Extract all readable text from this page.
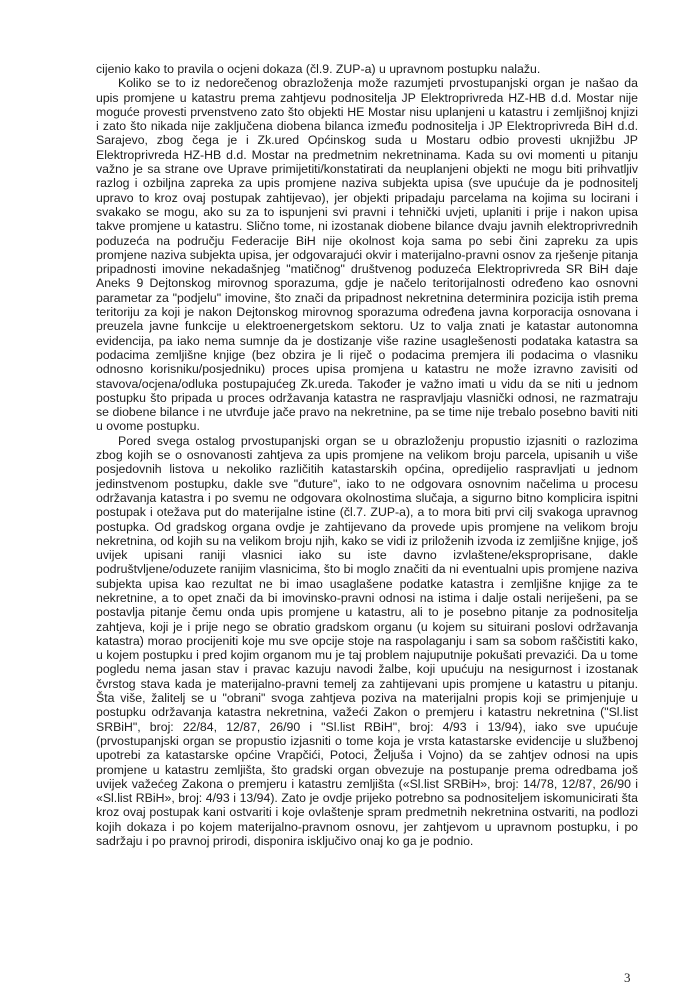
cijenio kako to pravila o ocjeni dokaza (čl.9. ZUP-a) u upravnom postupku nalažu.

Koliko se to iz nedorečenog obrazloženja može razumjeti prvostupanjski organ je našao da upis promjene u katastru prema zahtjevu podnositelja JP Elektroprivreda HZ-HB d.d. Mostar nije moguće provesti prvenstveno zato što objekti HE Mostar nisu uplanjeni u katastru i zemljišnoj knjizi i zato što nikada nije zaključena diobena bilanca između podnositelja i JP Elektroprivreda BiH d.d. Sarajevo, zbog čega je i Zk.ured Općinskog suda u Mostaru odbio provesti uknjižbu JP Elektroprivreda HZ-HB d.d. Mostar na predmetnim nekretninama. Kada su ovi momenti u pitanju važno je sa strane ove Uprave primijetiti/konstatirati da neuplanjeni objekti ne mogu biti prihvatljiv razlog i ozbiljna zapreka za upis promjene naziva subjekta upisa (sve upućuje da je podnositelj upravo to kroz ovaj postupak zahtijevao), jer objekti pripadaju parcelama na kojima su locirani i svakako se mogu, ako su za to ispunjeni svi pravni i tehnički uvjeti, uplaniti i prije i nakon upisa takve promjene u katastru. Slično tome, ni izostanak diobene bilance dvaju javnih elektroprivrednih poduzeća na području Federacije BiH nije okolnost koja sama po sebi čini zapreku za upis promjene naziva subjekta upisa, jer odgovarajući okvir i materijalno-pravni osnov za rješenje pitanja pripadnosti imovine nekadašnjeg "matičnog" društvenog poduzeća Elektroprivreda SR BiH daje Aneks 9 Dejtonskog mirovnog sporazuma, gdje je načelo teritorijalnosti određeno kao osnovni parametar za "podjelu" imovine, što znači da pripadnost nekretnina determinira pozicija istih prema teritoriju za koji je nakon Dejtonskog mirovnog sporazuma određena javna korporacija osnovana i preuzela javne funkcije u elektroenergetskom sektoru. Uz to valja znati je katastar autonomna evidencija, pa iako nema sumnje da je dostizanje više razine usaglešenosti podataka katastra sa podacima zemljišne knjige (bez obzira je li riječ o podacima premjera ili podacima o vlasniku odnosno korisniku/posjedniku) proces upisa promjena u katastru ne može izravno zavisiti od stavova/ocjena/odluka postupajućeg Zk.ureda. Također je važno imati u vidu da se niti u jednom postupku što pripada u proces održavanja katastra ne raspravljaju vlasnički odnosi, ne razmatraju se diobene bilance i ne utvrđuje jače pravo na nekretnine, pa se time nije trebalo posebno baviti niti u ovome postupku.

Pored svega ostalog prvostupanjski organ se u obrazloženju propustio izjasniti o razlozima zbog kojih se o osnovanosti zahtjeva za upis promjene na velikom broju parcela, upisanih u više posjedovnih listova u nekoliko različitih katastarskih općina, opredijelio raspravljati u jednom jedinstvenom postupku, dakle sve "đuture", iako to ne odgovara osnovnim načelima u procesu održavanja katastra i po svemu ne odgovara okolnostima slučaja, a sigurno bitno komplicira ispitni postupak i otežava put do materijalne istine (čl.7. ZUP-a), a to mora biti prvi cilj svakoga upravnog postupka. Od gradskog organa ovdje je zahtijevano da provede upis promjene na velikom broju nekretnina, od kojih su na velikom broju njih, kako se vidi iz priloženih izvoda iz zemljišne knjige, još uvijek upisani raniji vlasnici iako su iste davno izvlaštene/eksproprisane, dakle podruštvljene/oduzete ranijim vlasnicima, što bi moglo značiti da ni eventualni upis promjene naziva subjekta upisa kao rezultat ne bi imao usaglašene podatke katastra i zemljišne knjige za te nekretnine, a to opet znači da bi imovinsko-pravni odnosi na istima i dalje ostali neriješeni, pa se postavlja pitanje čemu onda upis promjene u katastru, ali to je posebno pitanje za podnositelja zahtjeva, koji je i prije nego se obratio gradskom organu (u kojem su situirani poslovi održavanja katastra) morao procijeniti koje mu sve opcije stoje na raspolaganju i sam sa sobom raščistiti kako, u kojem postupku i pred kojim organom mu je taj problem najuputnije pokušati prevazići. Da u tome pogledu nema jasan stav i pravac kazuju navodi žalbe, koji upućuju na nesigurnost i izostanak čvrstog stava kada je materijalno-pravni temelj za zahtijevani upis promjene u katastru u pitanju. Šta više, žalitelj se u "obrani" svoga zahtjeva poziva na materijalni propis koji se primjenjuje u postupku održavanja katastra nekretnina, važeći Zakon o premjeru i katastru nekretnina ("Sl.list SRBiH", broj: 22/84, 12/87, 26/90 i "Sl.list RBiH", broj: 4/93 i 13/94), iako sve upućuje (prvostupanjski organ se propustio izjasniti o tome koja je vrsta katastarske evidencije u službenoj upotrebi za katastarske općine Vrapčići, Potoci, Željuša i Vojno) da se zahtjev odnosi na upis promjene u katastru zemljišta, što gradski organ obvezuje na postupanje prema odredbama još uvijek važećeg Zakona o premjeru i katastru zemljišta («Sl.list SRBiH», broj: 14/78, 12/87, 26/90 i «Sl.list RBiH», broj: 4/93 i 13/94). Zato je ovdje prijeko potrebno sa podnositeljem iskomunicirati šta kroz ovaj postupak kani ostvariti i koje ovlaštenje spram predmetnih nekretnina ostvariti, na podlozi kojih dokaza i po kojem materijalno-pravnom osnovu, jer zahtjevom u upravnom postupku, i po sadržaju i po pravnoj prirodi, disponira isključivo onaj ko ga je podnio.

3
